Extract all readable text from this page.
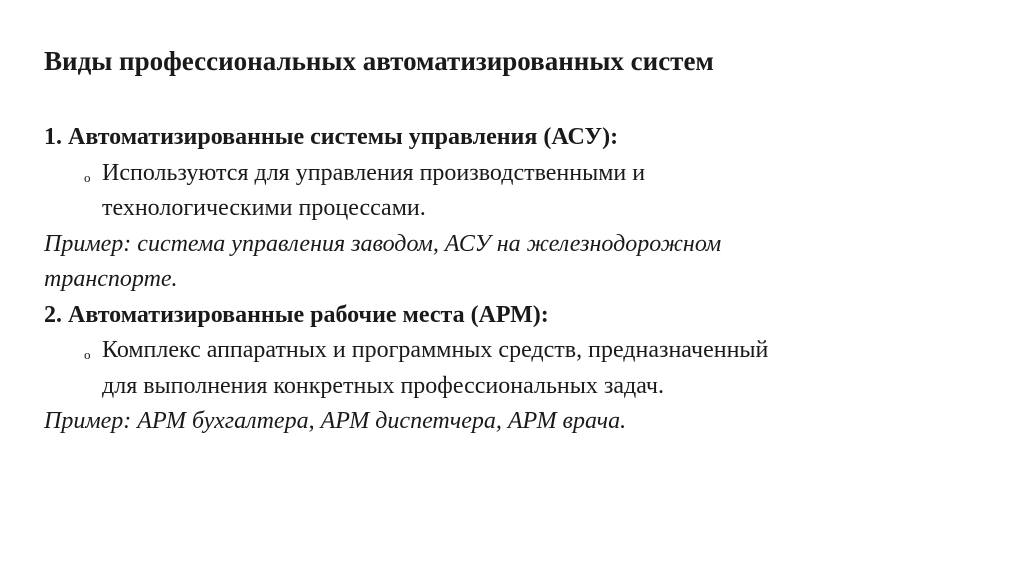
Виды профессиональных автоматизированных систем
1. Автоматизированные системы управления (АСУ):
o Используются для управления производственными и
технологическими процессами.
Пример: система управления заводом, АСУ на железнодорожном
транспорте.
2. Автоматизированные рабочие места (АРМ):
o Комплекс аппаратных и программных средств, предназначенный
для выполнения конкретных профессиональных задач.
Пример: АРМ бухгалтера, АРМ диспетчера, АРМ врача.
